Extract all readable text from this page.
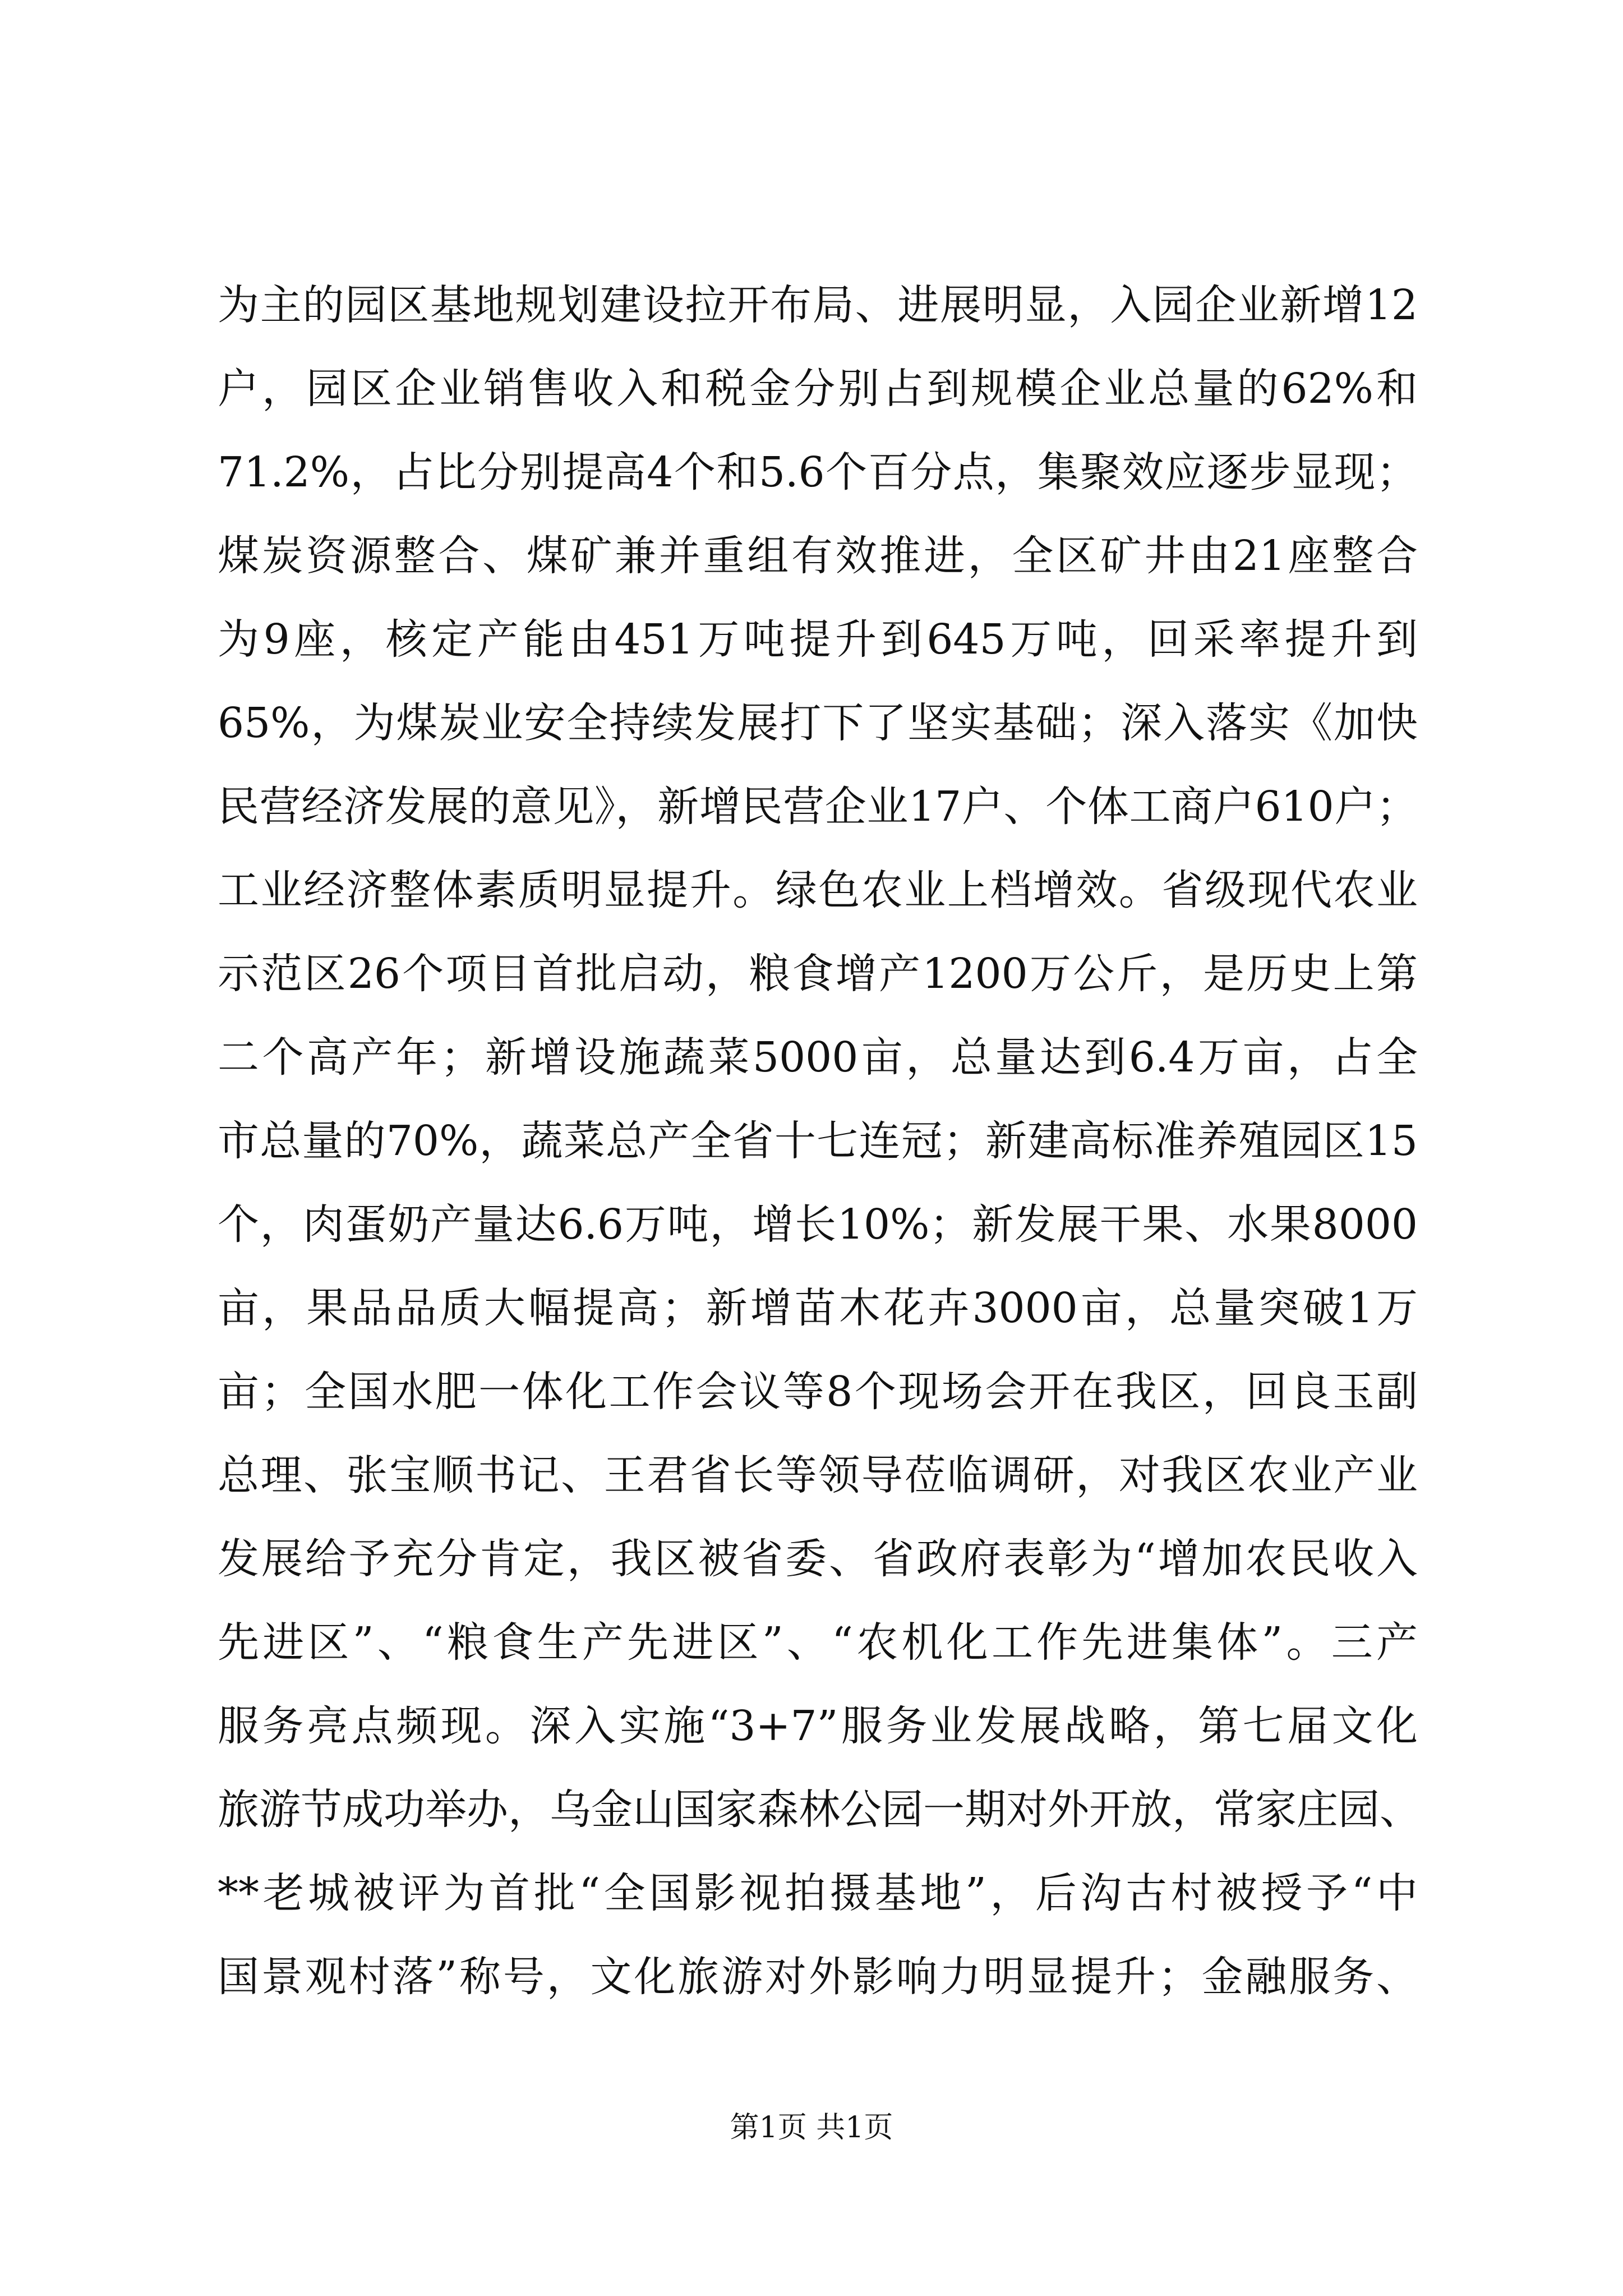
为主的园区基地规划建设拉开布局、进展明显，入园企业新增12
户，园区企业销售收入和税金分别占到规模企业总量的62%和
71.2%，占比分别提高4个和5.6个百分点，集聚效应逐步显现；
煤炭资源整合、煤矿兼并重组有效推进，全区矿井由21座整合
为9座，核定产能由451万吨提升到645万吨，回采率提升到
65%，为煤炭业安全持续发展打下了坚实基础；深入落实《加快
民营经济发展的意见》，新增民营企业17户、个体工商户610户；
工业经济整体素质明显提升。绿色农业上档增效。省级现代农业
示范区26个项目首批启动，粮食增产1200万公斤，是历史上第
二个高产年；新增设施蔬菜5000亩，总量达到6.4万亩，占全
市总量的70%，蔬菜总产全省十七连冠；新建高标准养殖园区15
个，肉蛋奶产量达6.6万吨，增长10%；新发展干果、水果8000
亩，果品品质大幅提高；新增苗木花卉3000亩，总量突破1万
亩；全国水肥一体化工作会议等8个现场会开在我区，回良玉副
总理、张宝顺书记、王君省长等领导莅临调研，对我区农业产业
发展给予充分肯定，我区被省委、省政府表彰为“增加农民收入
先进区”、“粮食生产先进区”、“农机化工作先进集体”。三产
服务亮点频现。深入实施“3+7”服务业发展战略，第七届文化
旅游节成功举办，乌金山国家森林公园一期对外开放，常家庄园、
**老城被评为首批“全国影视拍摄基地”，后沟古村被授予“中
国景观村落”称号，文化旅游对外影响力明显提升；金融服务、
第1页 共1页
